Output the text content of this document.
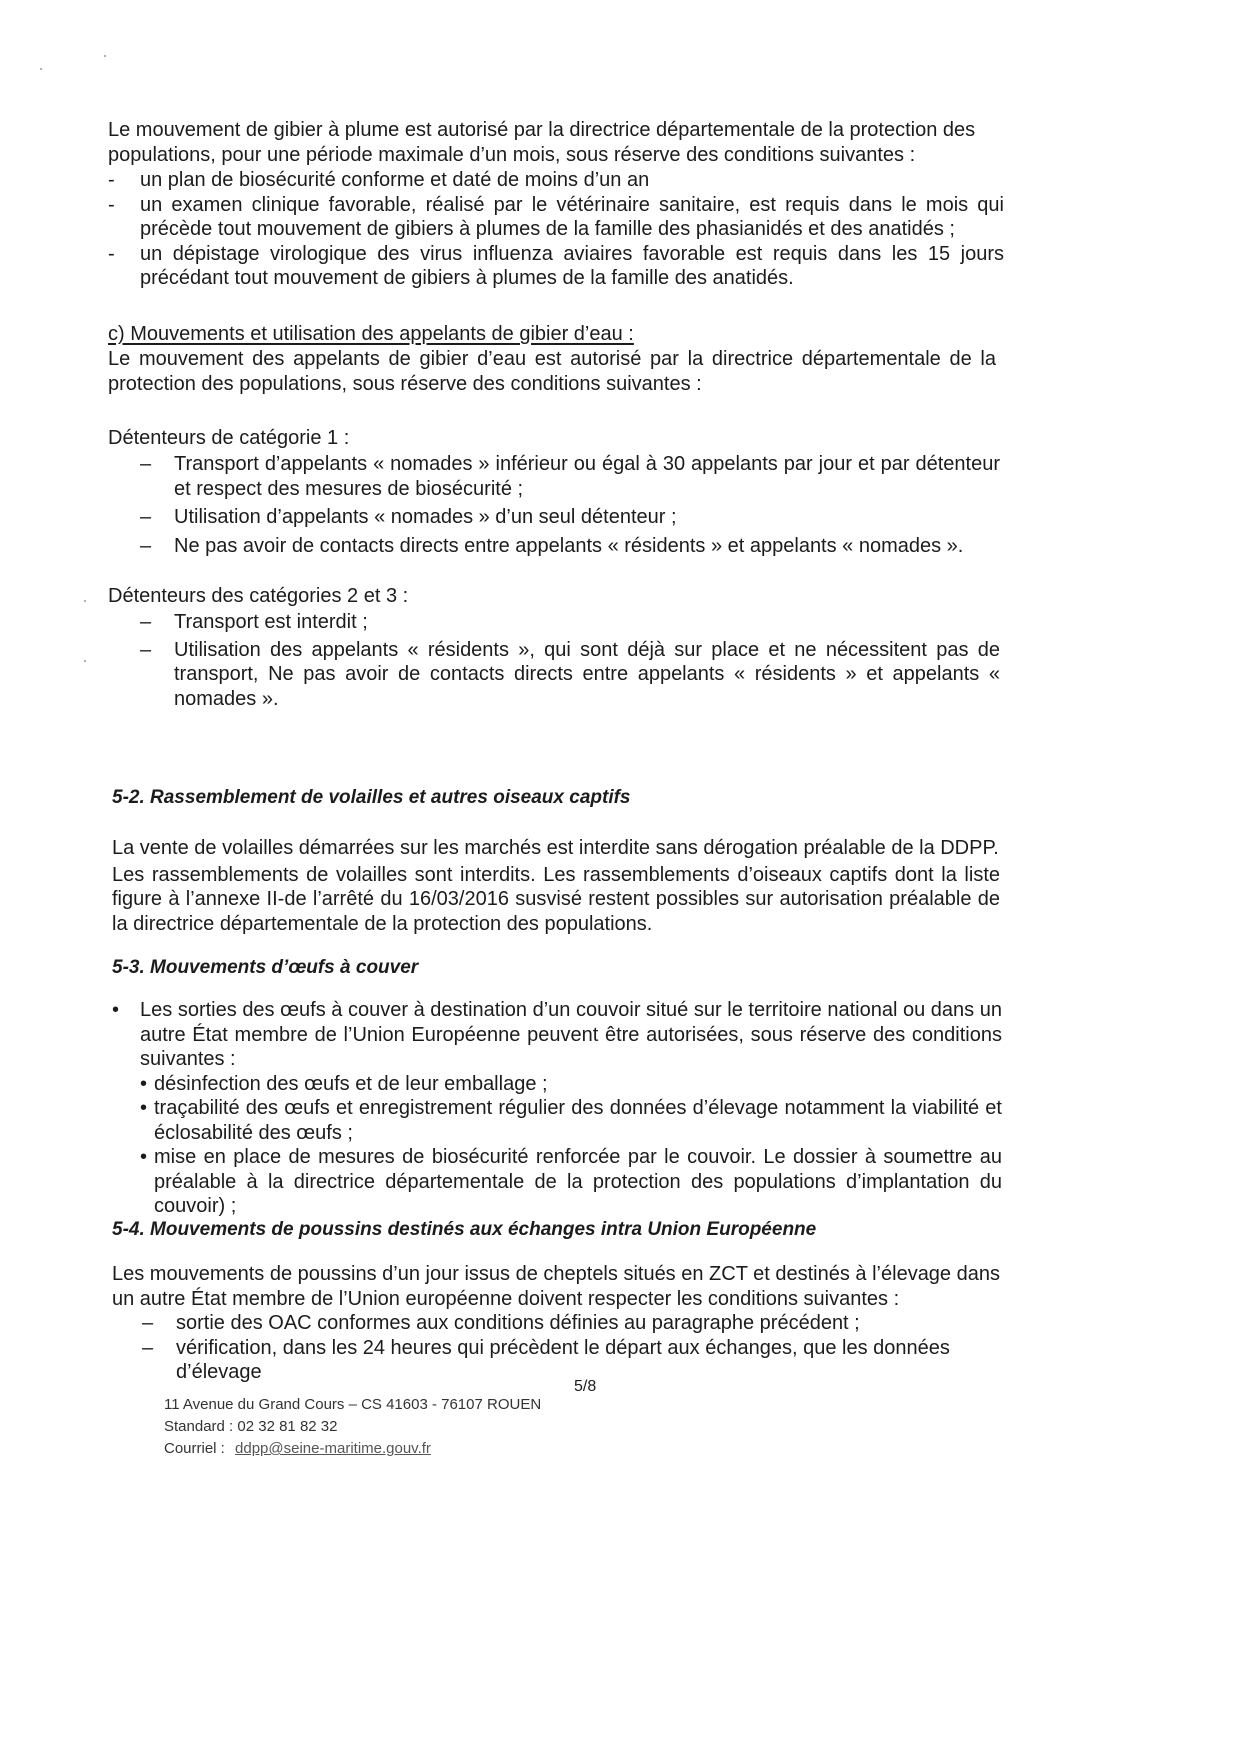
Le mouvement de gibier à plume est autorisé par la directrice départementale de la protection des

populations, pour une période maximale d’un mois, sous réserve des conditions suivantes :

- un plan de biosécurité conforme et daté de moins d’un an

- un examen clinique favorable, réalisé par le vétérinaire sanitaire, est requis dans le mois qui précède tout mouvement de gibiers à plumes de la famille des phasianidés et des anatidés ;

- un dépistage virologique des virus influenza aviaires favorable est requis dans les 15 jours précédant tout mouvement de gibiers à plumes de la famille des anatidés.

c) Mouvements et utilisation des appelants de gibier d’eau :

Le mouvement des appelants de gibier d’eau est autorisé par la directrice départementale de la protection des populations, sous réserve des conditions suivantes :

Détenteurs de catégorie 1 :
– Transport d’appelants « nomades » inférieur ou égal à 30 appelants par jour et par détenteur et respect des mesures de biosécurité ;

– Utilisation d’appelants « nomades » d’un seul détenteur ;

– Ne pas avoir de contacts directs entre appelants « résidents » et appelants « nomades ».

Détenteurs des catégories 2 et 3 :
– Transport est interdit ;

– Utilisation des appelants « résidents », qui sont déjà sur place et ne nécessitent pas de transport, Ne pas avoir de contacts directs entre appelants « résidents » et appelants « nomades ».

5-2. Rassemblement de volailles et autres oiseaux captifs

La vente de volailles démarrées sur les marchés est interdite sans dérogation préalable de la DDPP.

Les rassemblements de volailles sont interdits. Les rassemblements d’oiseaux captifs dont la liste figure à l’annexe II-de l’arrêté du 16/03/2016 susvisé restent possibles sur autorisation préalable de la directrice départementale de la protection des populations.

5-3. Mouvements d’œufs à couver
• Les sorties des œufs à couver à destination d’un couvoir situé sur le territoire national ou dans un autre État membre de l’Union Européenne peuvent être autorisées, sous réserve des conditions suivantes :

• désinfection des œufs et de leur emballage ;

• traçabilité des œufs et enregistrement régulier des données d’élevage notamment la viabilité et éclosabilité des œufs ;

• mise en place de mesures de biosécurité renforcée par le couvoir. Le dossier à soumettre au préalable à la directrice départementale de la protection des populations d’implantation du couvoir) ;

5-4. Mouvements de poussins destinés aux échanges intra Union Européenne

Les mouvements de poussins d’un jour issus de cheptels situés en ZCT et destinés à l’élevage dans un autre État membre de l’Union européenne doivent respecter les conditions suivantes :

– sortie des OAC conformes aux conditions définies au paragraphe précédent ;

– vérification, dans les 24 heures qui précèdent le départ aux échanges, que les données d’élevage

5/8

11 Avenue du Grand Cours – CS 41603 - 76107 ROUEN

Standard : 02 32 81 82 32

Courriel : ddpp@seine-maritime.gouv.fr
